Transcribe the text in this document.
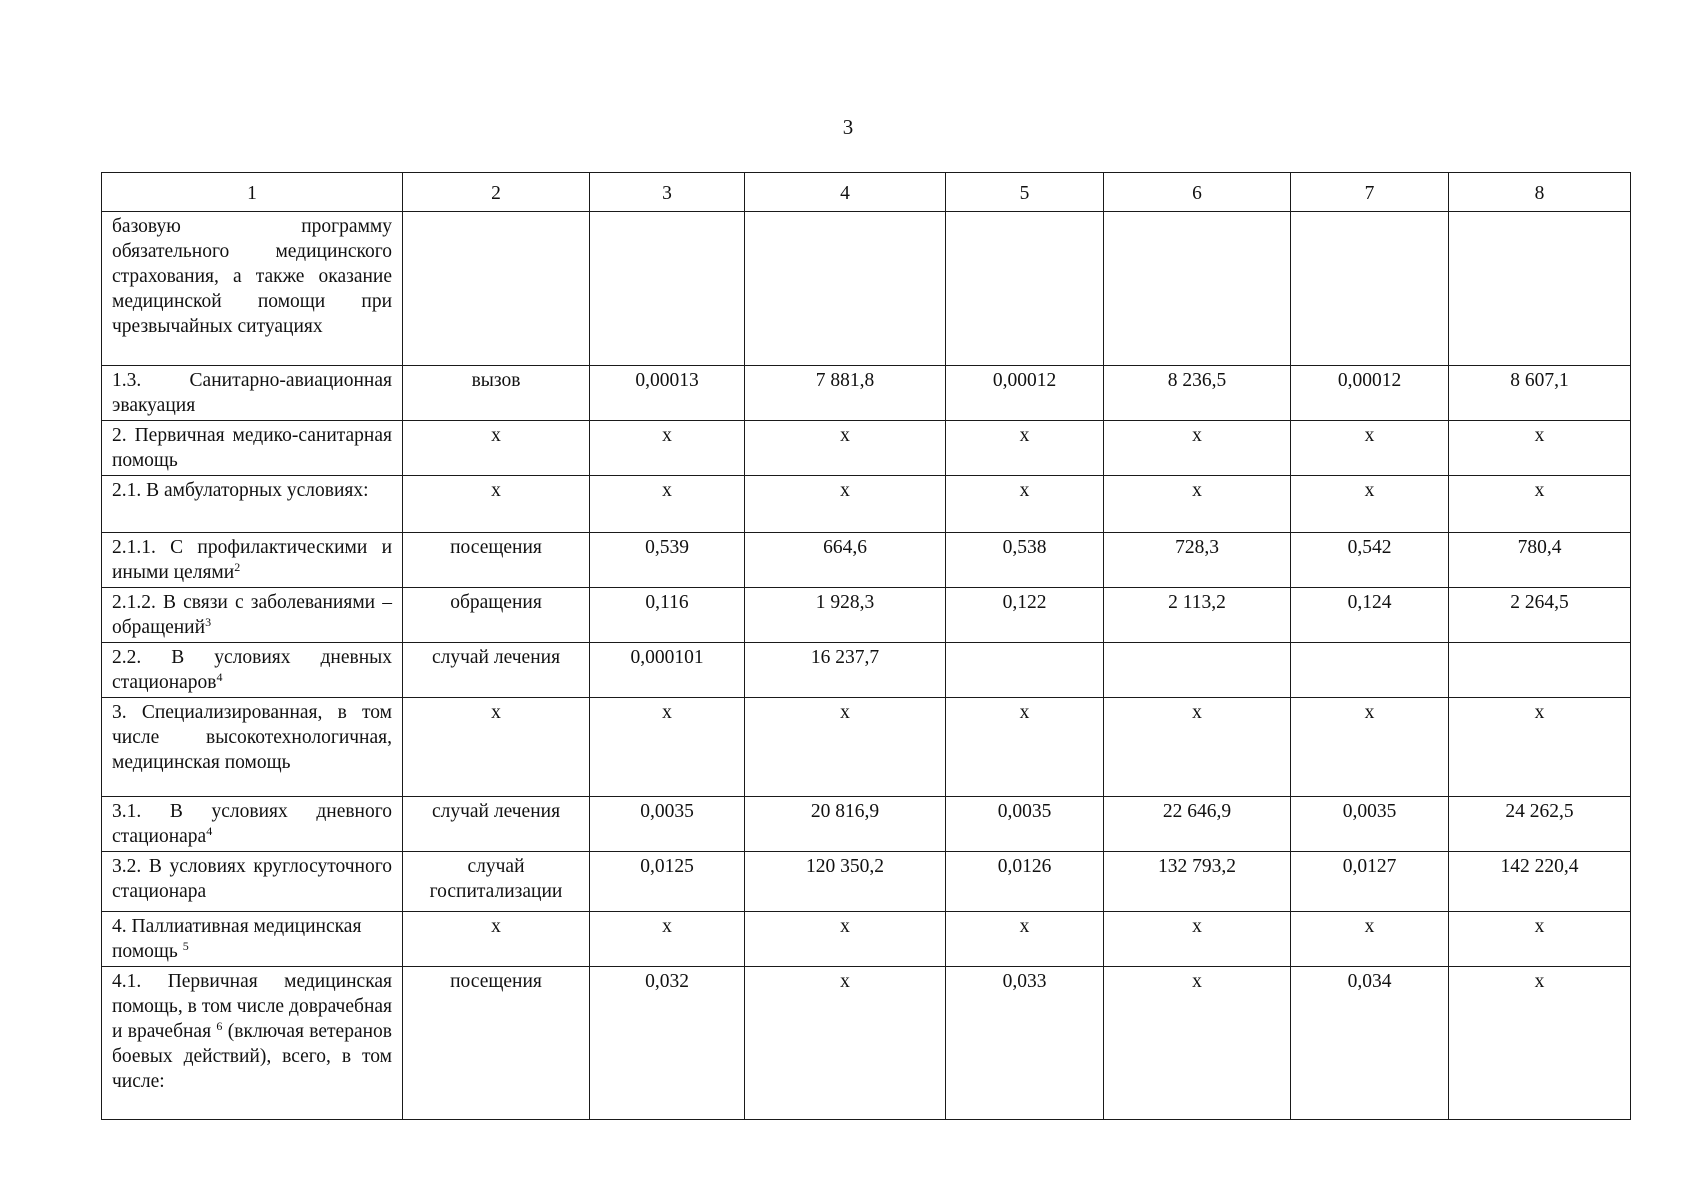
3
1	2	3	4	5	6	7	8
базовую программу обязательного медицинского страхования, а также оказание медицинской помощи при чрезвычайных ситуациях							
1.3. Санитарно-авиационная эвакуация	вызов	0,00013	7 881,8	0,00012	8 236,5	0,00012	8 607,1
2. Первичная медико-санитарная помощь	х	х	х	х	х	х	х
2.1. В амбулаторных условиях:	х	х	х	х	х	х	х
2.1.1. С профилактическими и иными целями$^2$	посещения	0,539	664,6	0,538	728,3	0,542	780,4
2.1.2. В связи с заболеваниями – обращений$^3$	обращения	0,116	1 928,3	0,122	2 113,2	0,124	2 264,5
2.2. В условиях дневных стационаров$^4$	случай лечения	0,000101	16 237,7				
3. Специализированная, в том числе высокотехнологичная, медицинская помощь	х	х	х	х	х	х	х
3.1. В условиях дневного стационара$^4$	случай лечения	0,0035	20 816,9	0,0035	22 646,9	0,0035	24 262,5
3.2. В условиях круглосуточного стационара	случай госпитализации	0,0125	120 350,2	0,0126	132 793,2	0,0127	142 220,4
4. Паллиативная медицинская помощь $^5$	х	х	х	х	х	х	х
4.1. Первичная медицинская помощь, в том числе доврачебная и врачебная $^6$ (включая ветеранов боевых действий), всего, в том числе:	посещения	0,032	х	0,033	х	0,034	х
